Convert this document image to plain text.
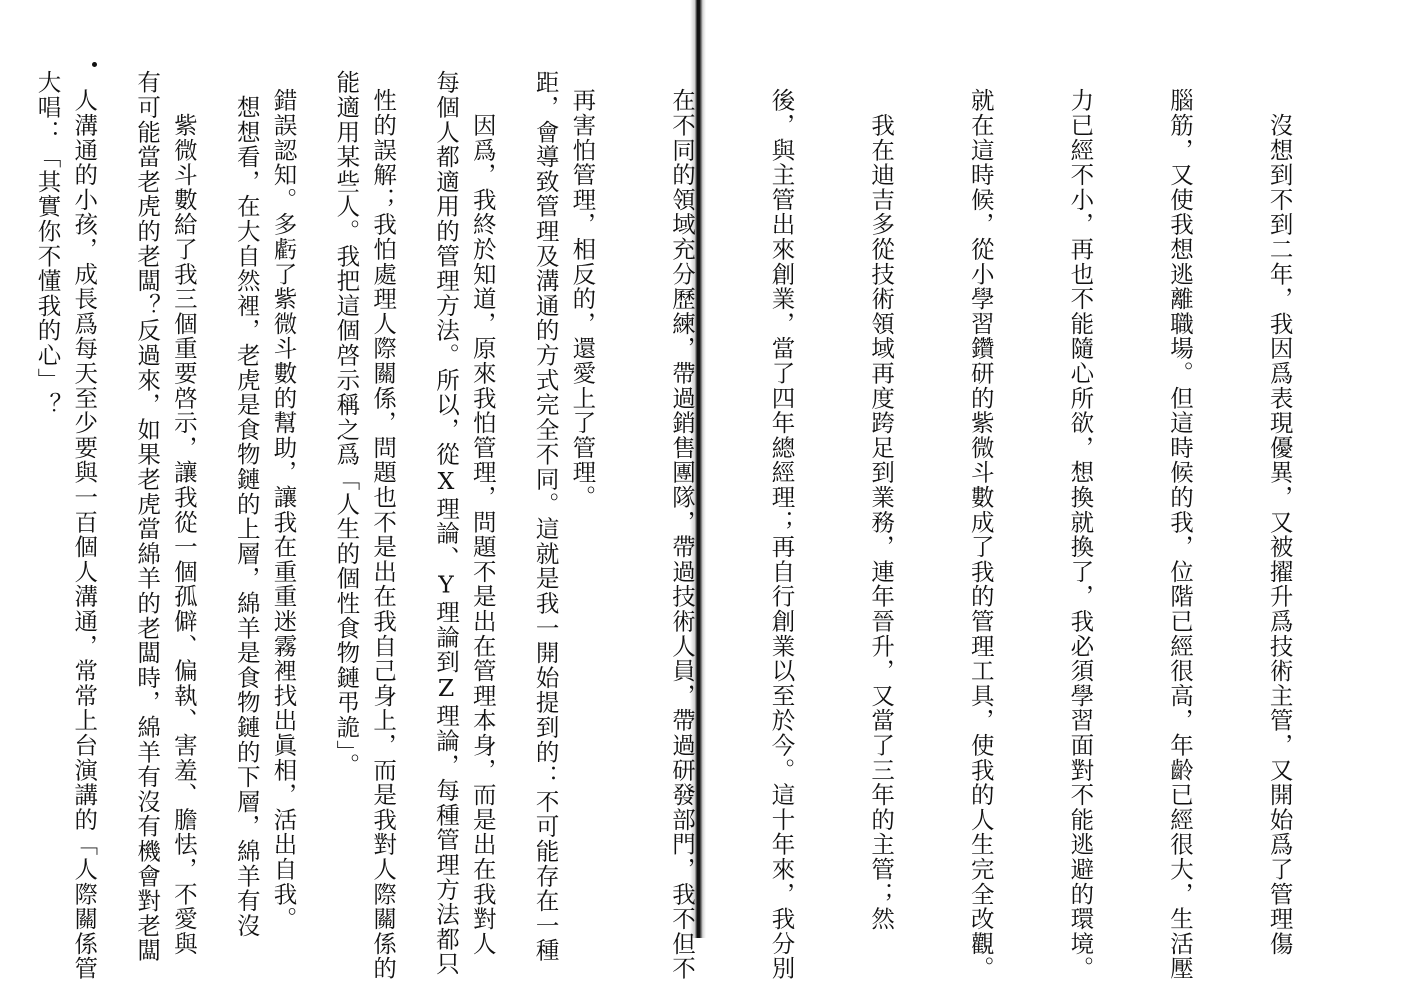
距，會導致管理及溝通的方式完全不同。這就是我一開始提到的：不可能存在一種

每個人都適用的管理方法。所以，從X理論、Y理論到Z理論，每種管理方法都只

能適用某些人。我把這個啓示稱之爲「人生的個性食物鏈弔詭」。

　想想看，在大自然裡，老虎是食物鏈的上層，綿羊是食物鏈的下層，綿羊有沒

有可能當老虎的老闆？反過來，如果老虎當綿羊的老闆時，綿羊有沒有機會對老闆

大唱：「其實你不懂我的心」？

	　沒想到不到二年，我因爲表現優異，又被擢升爲技術主管，又開始爲了管理傷

腦筋，又使我想逃離職場。但這時候的我，位階已經很高，年齡已經很大，生活壓

力已經不小，再也不能隨心所欲，想換就換了，我必須學習面對不能逃避的環境。

就在這時候，從小學習鑽研的紫微斗數成了我的管理工具，使我的人生完全改觀。

　我在迪吉多從技術領域再度跨足到業務，連年晉升，又當了三年的主管；然

後，與主管出來創業，當了四年總經理；再自行創業以至於今。這十年來，我分別

在不同的領域充分歷練，帶過銷售團隊，帶過技術人員，帶過研發部門，我不但不

再害怕管理，相反的，還愛上了管理。

　因爲，我終於知道，原來我怕管理，問題不是出在管理本身，而是出在我對人

性的誤解；我怕處理人際關係，問題也不是出在我自己身上，而是我對人際關係的

錯誤認知。多虧了紫微斗數的幫助，讓我在重重迷霧裡找出眞相，活出自我。

　紫微斗數給了我三個重要啓示，讓我從一個孤僻、偏執、害羞、膽怯，不愛與

人溝通的小孩，成長爲每天至少要與一百個人溝通，常常上台演講的「人際關係管
